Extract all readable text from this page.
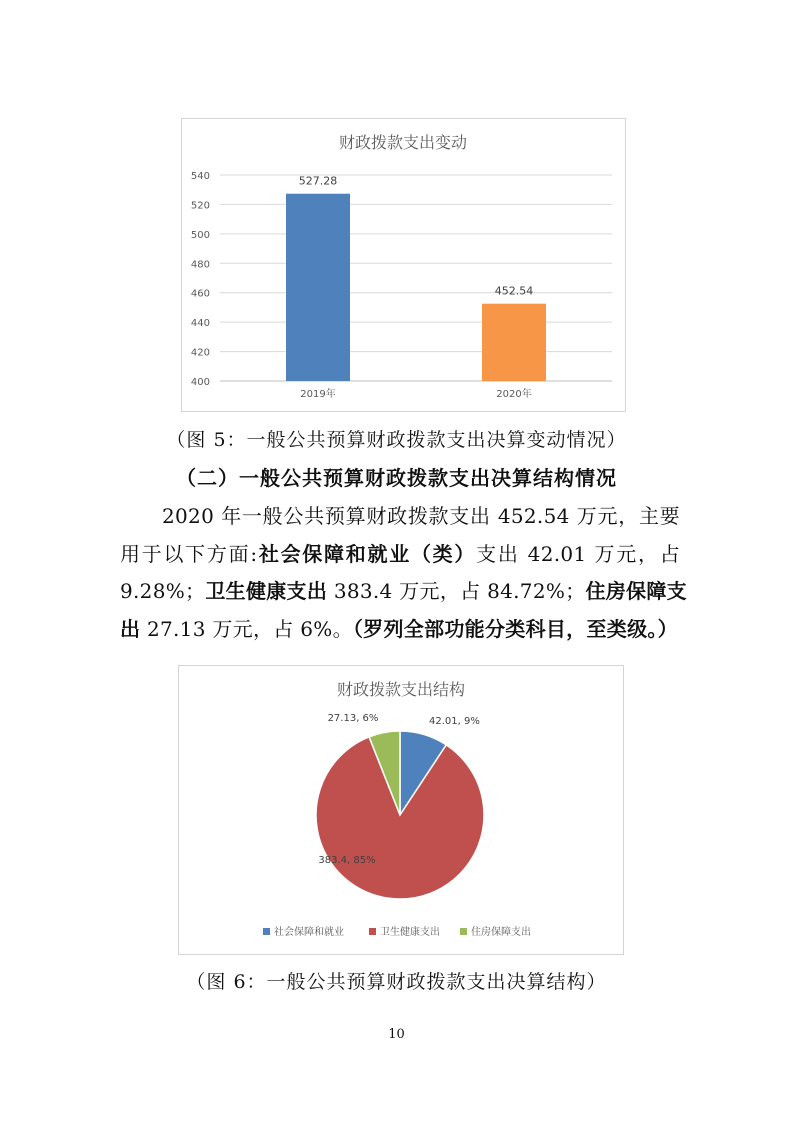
财政拨款支出变动
400
420
440
460
480
500
520
540	527.28
2019年
452.54
2020年
（图 5：一般公共预算财政拨款支出决算变动情况）
（二）一般公共预算财政拨款支出决算结构情况
2020 年一般公共预算财政拨款支出 452.54 万元，主要
用于以下方面:社会保障和就业（类）支出 42.01 万元，占
9.28%；卫生健康支出 383.4 万元，占 84.72%；住房保障支
出 27.13 万元，占 6%。（罗列全部功能分类科目，至类级。）
财政拨款支出结构
42.01, 9%
383.4, 85%
27.13, 6%
社会保障和就业	卫生健康支出	住房保障支出
（图 6：一般公共预算财政拨款支出决算结构）
10
